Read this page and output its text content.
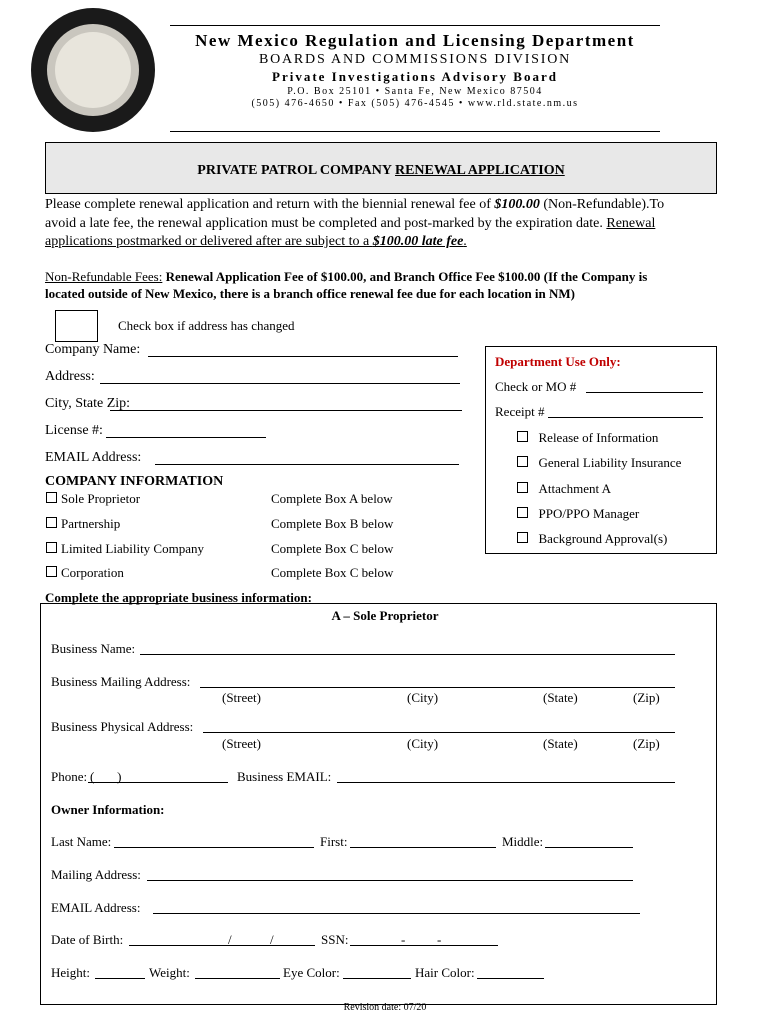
New Mexico Regulation and Licensing Department
BOARDS AND COMMISSIONS DIVISION
Private Investigations Advisory Board
P.O. Box 25101 • Santa Fe, New Mexico 87504
(505) 476-4650 • Fax (505) 476-4545 • www.rld.state.nm.us
PRIVATE PATROL COMPANY RENEWAL APPLICATION
Please complete renewal application and return with the biennial renewal fee of $100.00 (Non-Refundable).To
avoid a late fee, the renewal application must be completed and post-marked by the expiration date. Renewal
applications postmarked or delivered after are subject to a $100.00 late fee.
Non-Refundable Fees: Renewal Application Fee of $100.00, and Branch Office Fee $100.00 (If the Company is
located outside of New Mexico, there is a branch office renewal fee due for each location in NM)
Check box if address has changed
Company Name:
Address:
City, State Zip:
License #:
EMAIL Address:
Department Use Only:
Check or MO #
Receipt #
Release of Information
General Liability Insurance
Attachment A
PPO/PPO Manager
Background Approval(s)
COMPANY INFORMATION
Sole Proprietor	Complete Box A below
Partnership	Complete Box B below
Limited Liability Company	Complete Box C below
Corporation	Complete Box C below
Complete the appropriate business information:
A – Sole Proprietor
Business Name:
Business Mailing Address:
(Street)	(City)	(State)	(Zip)
Business Physical Address:
(Street)	(City)	(State)	(Zip)
Phone: (       )	Business EMAIL:
Owner Information:
Last Name:	First:	Middle:
Mailing Address:
EMAIL Address:
Date of Birth:	/	/	SSN:	- -
Height:	Weight:	Eye Color:	Hair Color:
Revision date: 07/20
